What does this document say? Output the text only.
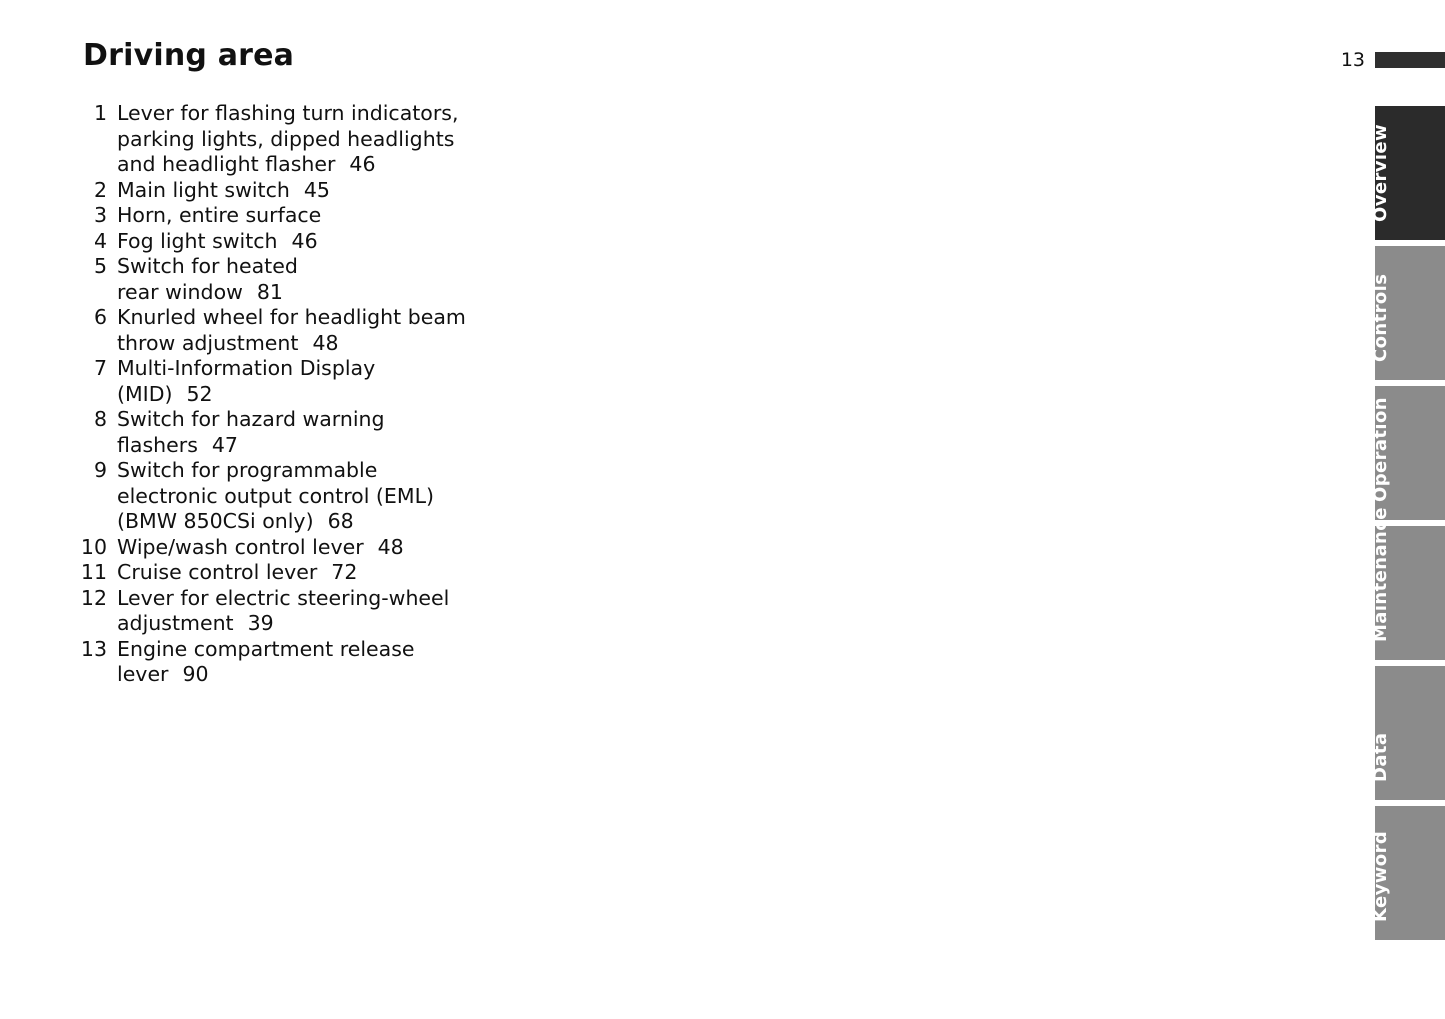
Driving area	13
1 Lever for flashing turn indicators,
parking lights, dipped headlights
and headlight flasher 46
2 Main light switch 45
3 Horn, entire surface
4 Fog light switch 46
5 Switch for heated
rear window 81
6 Knurled wheel for headlight beam
throw adjustment 48
7 Multi-Information Display
(MID) 52
8 Switch for hazard warning
flashers 47
9 Switch for programmable
electronic output control (EML)
(BMW 850CSi only) 68
10 Wipe/wash control lever 48
11 Cruise control lever 72
12 Lever for electric steering-wheel
adjustment 39
13 Engine compartment release
lever 90
Overview
Controls
Operation
Maintenance
Data
Keyword
